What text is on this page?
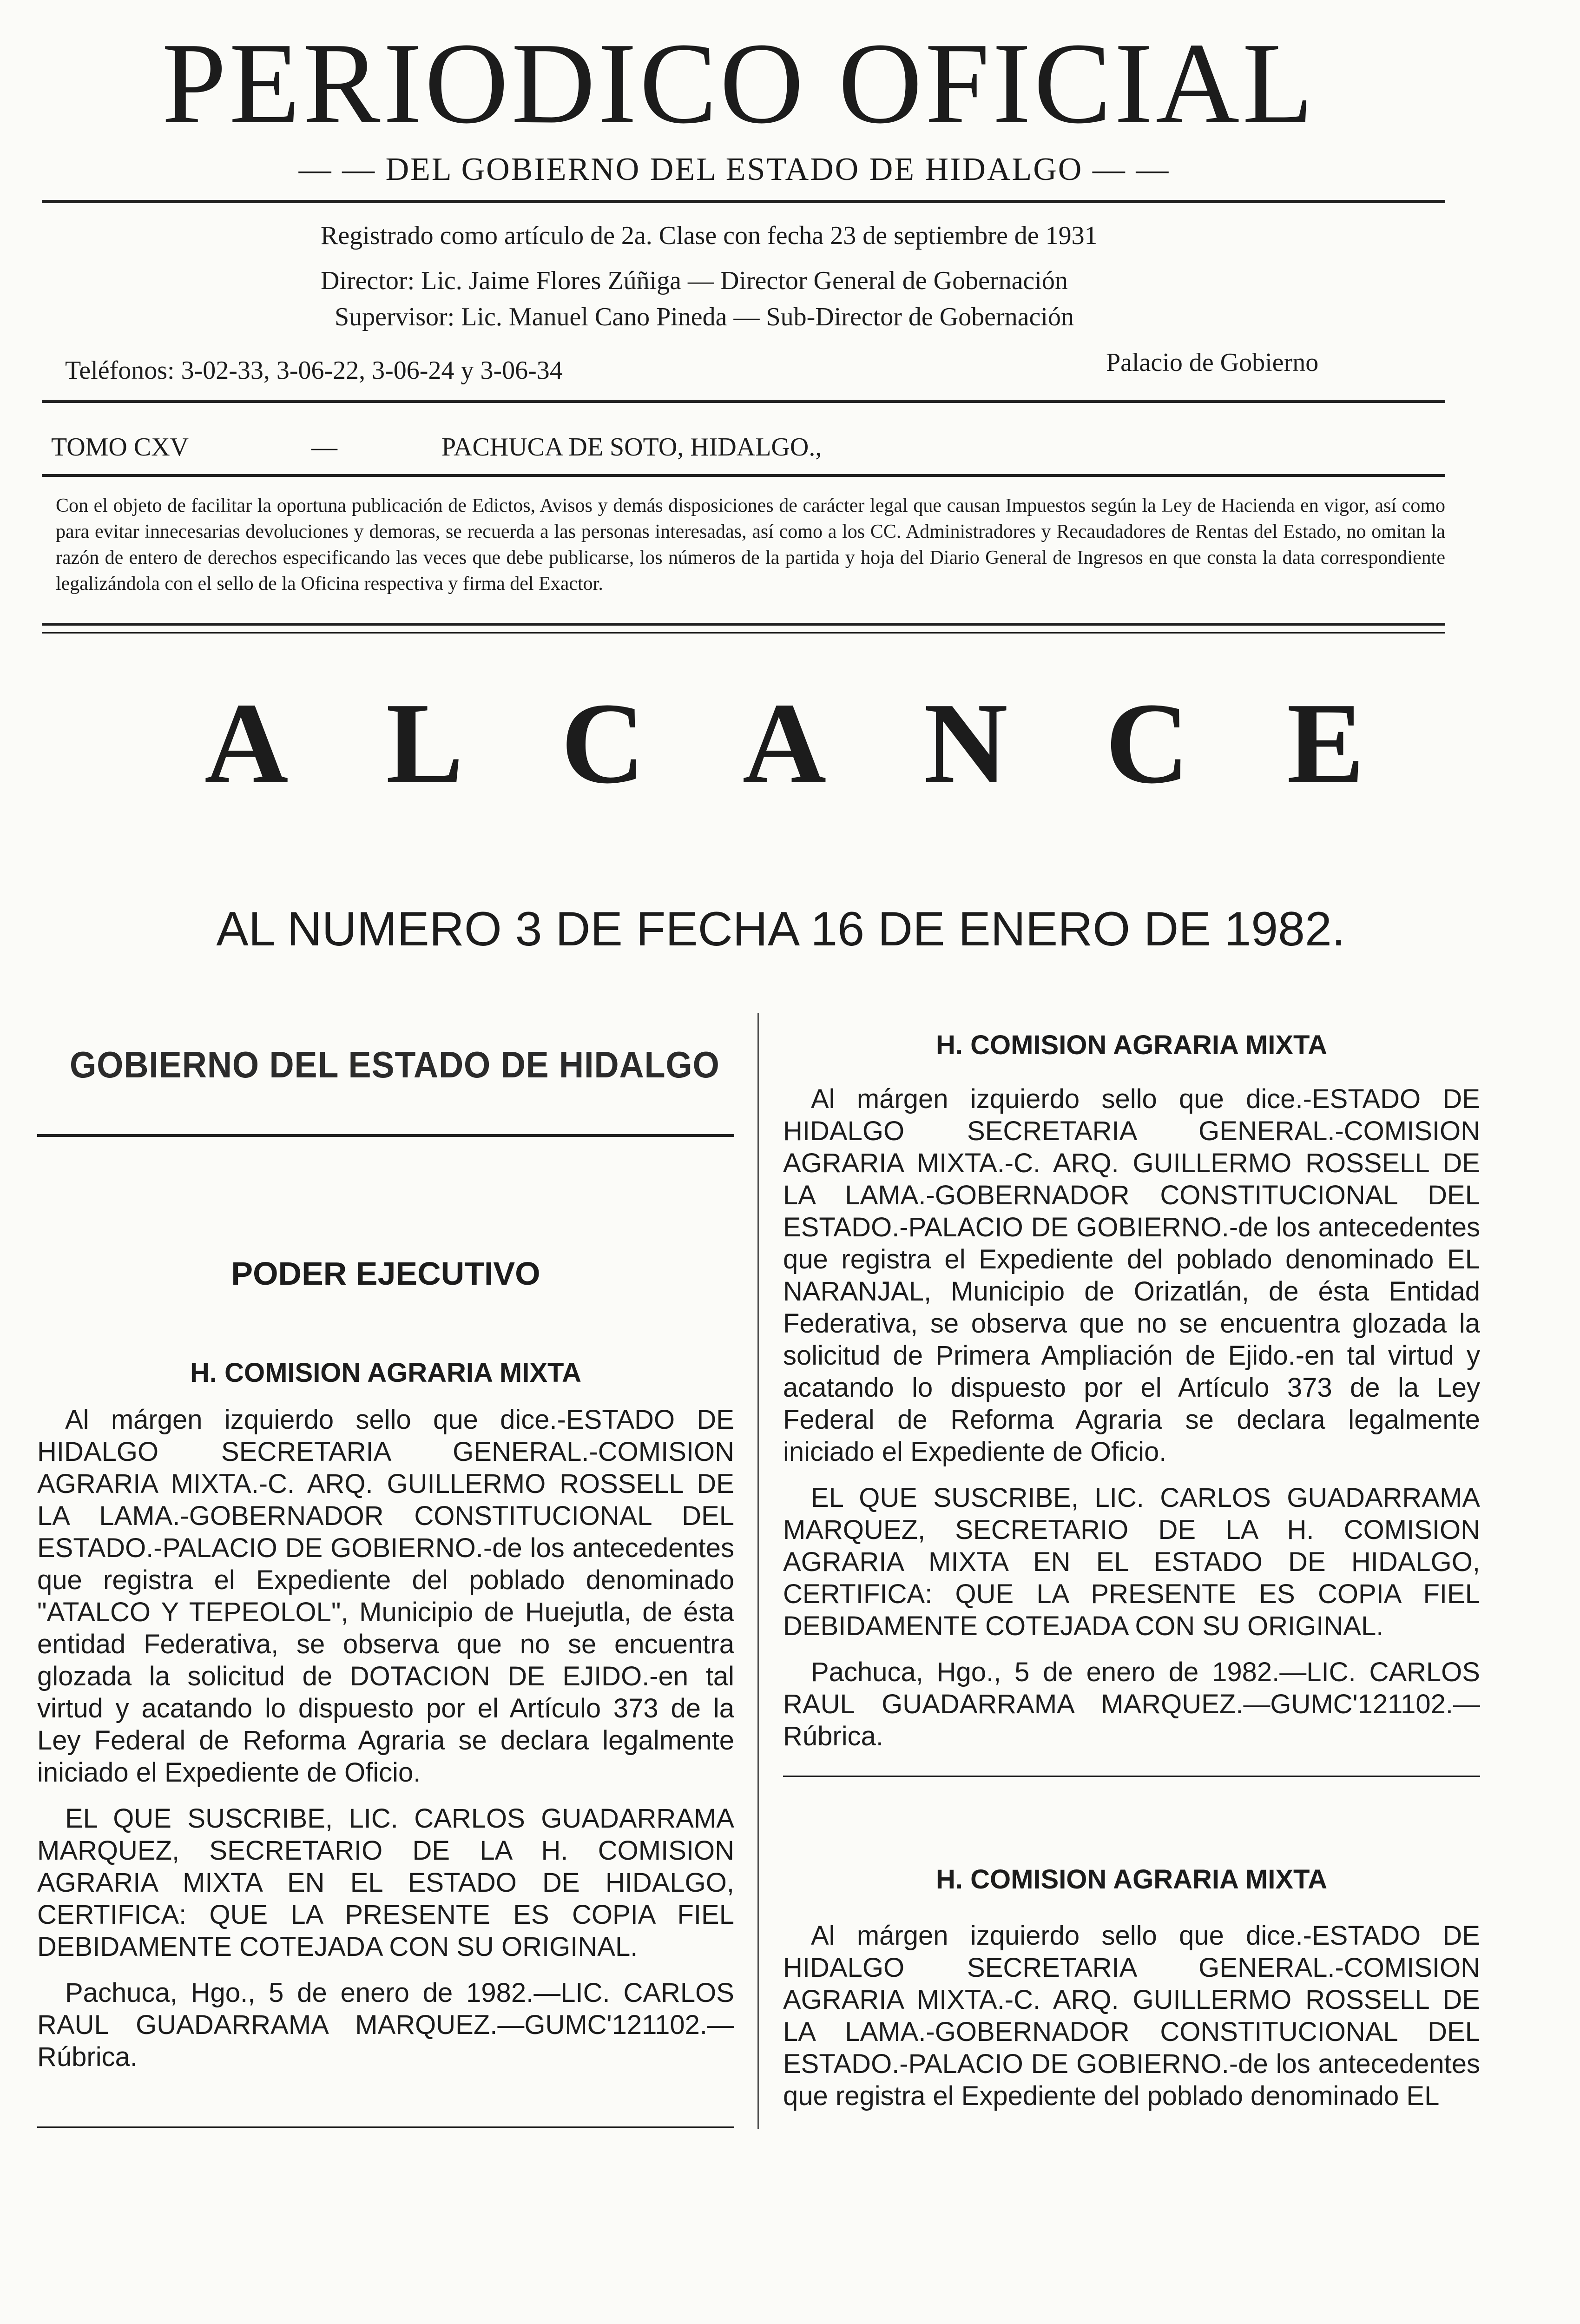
PERIODICO OFICIAL
— — DEL GOBIERNO DEL ESTADO DE HIDALGO — —
Registrado como artículo de 2a. Clase con fecha 23 de septiembre de 1931
Director: Lic. Jaime Flores Zúñiga — Director General de Gobernación
Supervisor: Lic. Manuel Cano Pineda — Sub-Director de Gobernación
Teléfonos: 3-02-33, 3-06-22, 3-06-24 y 3-06-34	Palacio de Gobierno
TOMO CXV	—	PACHUCA DE SOTO, HIDALGO.,
Con el objeto de facilitar la oportuna publicación de Edictos, Avisos y demás disposiciones de carácter legal que causan Impuestos según la Ley de Hacienda en vigor, así como para evitar innecesarias devoluciones y demoras, se recuerda a las personas interesadas, así como a los CC. Administradores y Recaudadores de Rentas del Estado, no omitan la razón de entero de derechos especificando las veces que debe publicarse, los números de la partida y hoja del Diario General de Ingresos en que consta la data correspondiente legalizándola con el sello de la Oficina respectiva y firma del Exactor.
A L C A N C E
AL NUMERO 3 DE FECHA 16 DE ENERO DE 1982.
GOBIERNO DEL ESTADO DE HIDALGO
PODER EJECUTIVO
H. COMISION AGRARIA MIXTA

Al márgen izquierdo sello que dice.-ESTADO DE HIDALGO SECRETARIA GENERAL.-COMISION AGRARIA MIXTA.-C. ARQ. GUILLERMO ROSSELL DE LA LAMA.-GOBERNADOR CONSTITUCIONAL DEL ESTADO.-PALACIO DE GOBIERNO.-de los antecedentes que registra el Expediente del poblado denominado "ATALCO Y TEPEOLOL", Municipio de Huejutla, de ésta entidad Federativa, se observa que no se encuentra glozada la solicitud de DOTACION DE EJIDO.-en tal virtud y acatando lo dispuesto por el Artículo 373 de la Ley Federal de Reforma Agraria se declara legalmente iniciado el Expediente de Oficio.

EL QUE SUSCRIBE, LIC. CARLOS GUADARRAMA MARQUEZ, SECRETARIO DE LA H. COMISION AGRARIA MIXTA EN EL ESTADO DE HIDALGO, CERTIFICA: QUE LA PRESENTE ES COPIA FIEL DEBIDAMENTE COTEJADA CON SU ORIGINAL.

Pachuca, Hgo., 5 de enero de 1982.—LIC. CARLOS RAUL GUADARRAMA MARQUEZ.—GUMC'121102.—Rúbrica.

H. COMISION AGRARIA MIXTA

Al márgen izquierdo sello que dice.-ESTADO DE HIDALGO SECRETARIA GENERAL.-COMISION AGRARIA MIXTA.-C. ARQ. GUILLERMO ROSSELL DE LA LAMA.-GOBERNADOR CONSTITUCIONAL DEL ESTADO.-PALACIO DE GOBIERNO.-de los antecedentes que registra el Expediente del poblado denominado EL NARANJAL, Municipio de Orizatlán, de ésta Entidad Federativa, se observa que no se encuentra glozada la solicitud de Primera Ampliación de Ejido.-en tal virtud y acatando lo dispuesto por el Artículo 373 de la Ley Federal de Reforma Agraria se declara legalmente iniciado el Expediente de Oficio.

EL QUE SUSCRIBE, LIC. CARLOS GUADARRAMA MARQUEZ, SECRETARIO DE LA H. COMISION AGRARIA MIXTA EN EL ESTADO DE HIDALGO, CERTIFICA: QUE LA PRESENTE ES COPIA FIEL DEBIDAMENTE COTEJADA CON SU ORIGINAL.

Pachuca, Hgo., 5 de enero de 1982.—LIC. CARLOS RAUL GUADARRAMA MARQUEZ.—GUMC'121102.—Rúbrica.

H. COMISION AGRARIA MIXTA

Al márgen izquierdo sello que dice.-ESTADO DE HIDALGO SECRETARIA GENERAL.-COMISION AGRARIA MIXTA.-C. ARQ. GUILLERMO ROSSELL DE LA LAMA.-GOBERNADOR CONSTITUCIONAL DEL ESTADO.-PALACIO DE GOBIERNO.-de los antecedentes que registra el Expediente del poblado denominado EL
